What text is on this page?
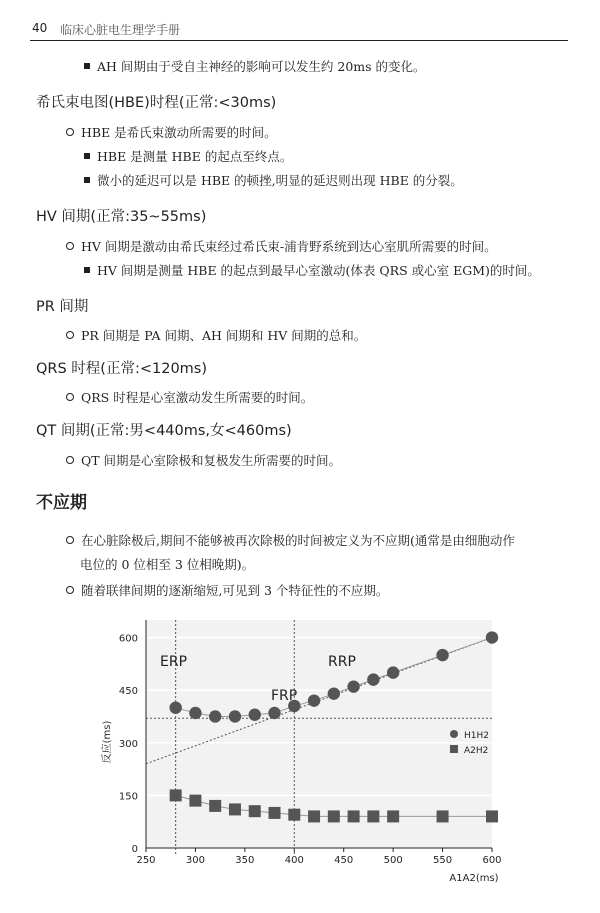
40 临床心脏电生理学手册
AH 间期由于受自主神经的影响可以发生约 20ms 的变化。
希氏束电图(HBE)时程(正常:<30ms)
HBE 是希氏束激动所需要的时间。
HBE 是测量 HBE 的起点至终点。
微小的延迟可以是 HBE 的顿挫,明显的延迟则出现 HBE 的分裂。
HV 间期(正常:35~55ms)
HV 间期是激动由希氏束经过希氏束-浦肯野系统到达心室肌所需要的时间。
HV 间期是测量 HBE 的起点到最早心室激动(体表 QRS 或心室 EGM)的时间。
PR 间期
PR 间期是 PA 间期、AH 间期和 HV 间期的总和。
QRS 时程(正常:<120ms)
QRS 时程是心室激动发生所需要的时间。
QT 间期(正常:男<440ms,女<460ms)
QT 间期是心室除极和复极发生所需要的时间。
不应期
在心脏除极后,期间不能够被再次除极的时间被定义为不应期(通常是由细胞动作
电位的 0 位相至 3 位相晚期)。
随着联律间期的逐渐缩短,可见到 3 个特征性的不应期。
0
150
300
450
600
250	300	350	400	450	500	550	600
ERP
FRP
RRP
H1H2
A2H2
A1A2(ms)
反应(ms)
